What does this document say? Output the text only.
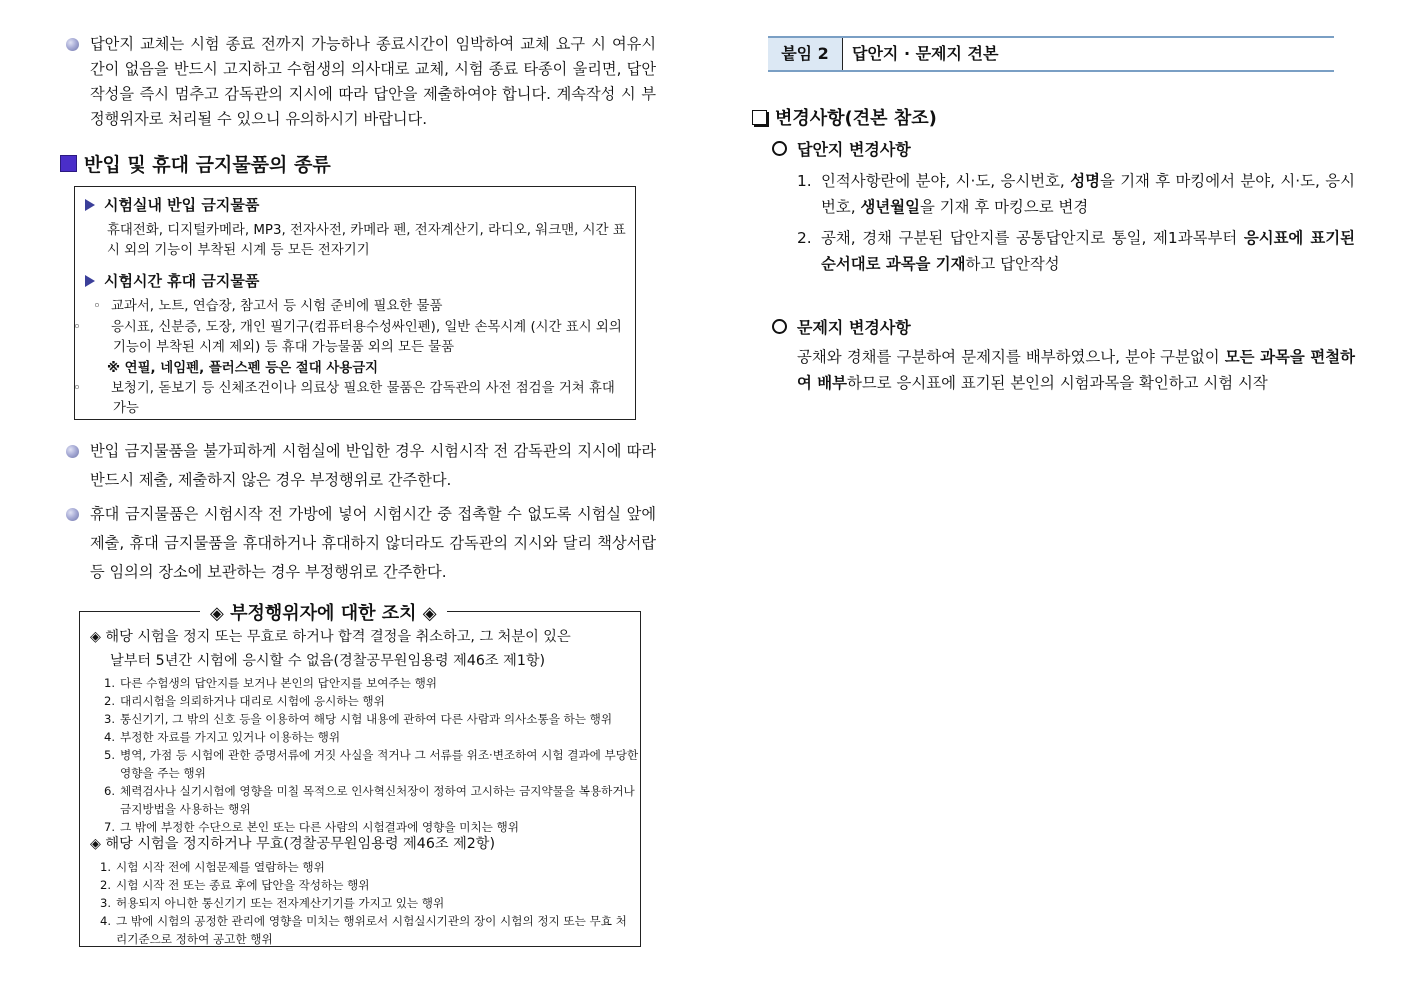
답안지 교체는 시험 종료 전까지 가능하나 종료시간이 임박하여 교체 요구 시 여유시간이 없음을 반드시 고지하고 수험생의 의사대로 교체, 시험 종료 타종이 울리면, 답안 작성을 즉시 멈추고 감독관의 지시에 따라 답안을 제출하여야 합니다. 계속작성 시 부정행위자로 처리될 수 있으니 유의하시기 바랍니다.
반입 및 휴대 금지물품의 종류
시험실내 반입 금지물품
휴대전화, 디지털카메라, MP3, 전자사전, 카메라 펜, 전자계산기, 라디오, 워크맨, 시간 표시 외의 기능이 부착된 시계 등 모든 전자기기
시험시간 휴대 금지물품
◦ 교과서, 노트, 연습장, 참고서 등 시험 준비에 필요한 물품
◦ 응시표, 신분증, 도장, 개인 필기구(컴퓨터용수성싸인펜), 일반 손목시계 (시간 표시 외의 기능이 부착된 시계 제외) 등 휴대 가능물품 외의 모든 물품
※ 연필, 네임펜, 플러스펜 등은 절대 사용금지
◦ 보청기, 돋보기 등 신체조건이나 의료상 필요한 물품은 감독관의 사전 점검을 거쳐 휴대 가능
반입 금지물품을 불가피하게 시험실에 반입한 경우 시험시작 전 감독관의 지시에 따라 반드시 제출, 제출하지 않은 경우 부정행위로 간주한다.
휴대 금지물품은 시험시작 전 가방에 넣어 시험시간 중 접촉할 수 없도록 시험실 앞에 제출, 휴대 금지물품을 휴대하거나 휴대하지 않더라도 감독관의 지시와 달리 책상서랍 등 임의의 장소에 보관하는 경우 부정행위로 간주한다.
◈ 해당 시험을 정지 또는 무효로 하거나 합격 결정을 취소하고, 그 처분이 있은
날부터 5년간 시험에 응시할 수 없음(경찰공무원임용령 제46조 제1항)
1. 다른 수험생의 답안지를 보거나 본인의 답안지를 보여주는 행위
2. 대리시험을 의뢰하거나 대리로 시험에 응시하는 행위
3. 통신기기, 그 밖의 신호 등을 이용하여 해당 시험 내용에 관하여 다른 사람과 의사소통을 하는 행위
4. 부정한 자료를 가지고 있거나 이용하는 행위
5. 병역, 가점 등 시험에 관한 증명서류에 거짓 사실을 적거나 그 서류를 위조·변조하여 시험 결과에 부당한 영향을 주는 행위
6. 체력검사나 실기시험에 영향을 미칠 목적으로 인사혁신처장이 정하여 고시하는 금지약물을 복용하거나 금지방법을 사용하는 행위
7. 그 밖에 부정한 수단으로 본인 또는 다른 사람의 시험결과에 영향을 미치는 행위
◈ 해당 시험을 정지하거나 무효(경찰공무원임용령 제46조 제2항)
1. 시험 시작 전에 시험문제를 열람하는 행위
2. 시험 시작 전 또는 종료 후에 답안을 작성하는 행위
3. 허용되지 아니한 통신기기 또는 전자계산기기를 가지고 있는 행위
4. 그 밖에 시험의 공정한 관리에 영향을 미치는 행위로서 시험실시기관의 장이 시험의 정지 또는 무효 처리기준으로 정하여 공고한 행위
◈ 부정행위자에 대한 조치 ◈
붙임 2	답안지 · 문제지 견본
변경사항(견본 참조)
답안지 변경사항
1. 인적사항란에 분야, 시·도, 응시번호, 성명을 기재 후 마킹에서 분야, 시·도, 응시번호, 생년월일을 기재 후 마킹으로 변경
2. 공채, 경채 구분된 답안지를 공통답안지로 통일, 제1과목부터 응시표에 표기된 순서대로 과목을 기재하고 답안작성
문제지 변경사항
공채와 경채를 구분하여 문제지를 배부하였으나, 분야 구분없이 모든 과목을 편철하여 배부하므로 응시표에 표기된 본인의 시험과목을 확인하고 시험 시작
